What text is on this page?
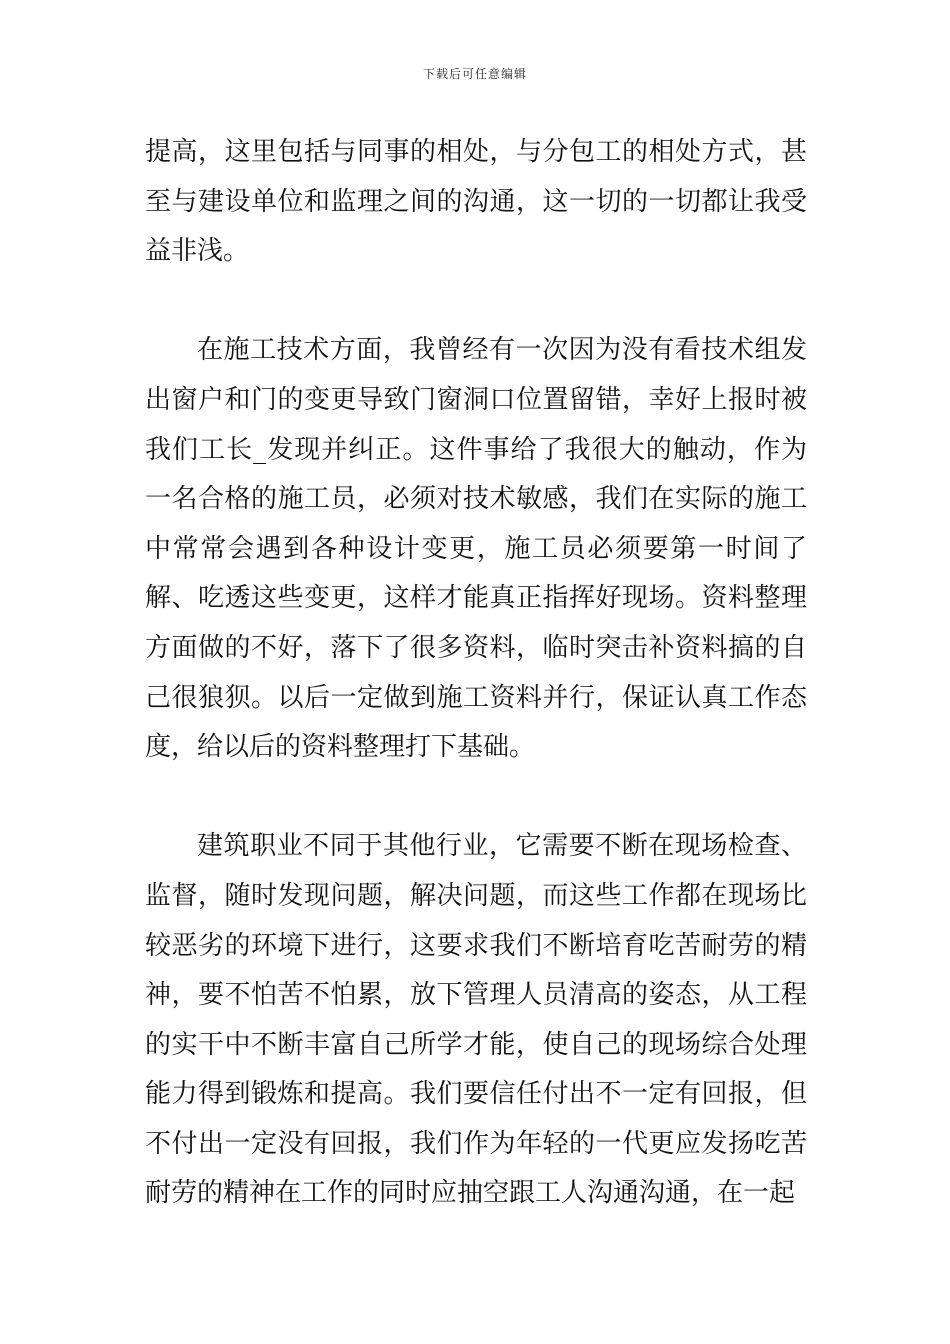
下载后可任意编辑

提高，这里包括与同事的相处，与分包工的相处方式，甚至与建设单位和监理之间的沟通，这一切的一切都让我受益非浅。

在施工技术方面，我曾经有一次因为没有看技术组发出窗户和门的变更导致门窗洞口位置留错，幸好上报时被我们工长_发现并纠正。这件事给了我很大的触动，作为一名合格的施工员，必须对技术敏感，我们在实际的施工中常常会遇到各种设计变更，施工员必须要第一时间了解、吃透这些变更，这样才能真正指挥好现场。资料整理方面做的不好，落下了很多资料，临时突击补资料搞的自己很狼狈。以后一定做到施工资料并行，保证认真工作态度，给以后的资料整理打下基础。

建筑职业不同于其他行业，它需要不断在现场检查、监督，随时发现问题，解决问题，而这些工作都在现场比较恶劣的环境下进行，这要求我们不断培育吃苦耐劳的精神，要不怕苦不怕累，放下管理人员清高的姿态，从工程的实干中不断丰富自己所学才能，使自己的现场综合处理能力得到锻炼和提高。我们要信任付出不一定有回报，但不付出一定没有回报，我们作为年轻的一代更应发扬吃苦耐劳的精神在工作的同时应抽空跟工人沟通沟通，在一起
